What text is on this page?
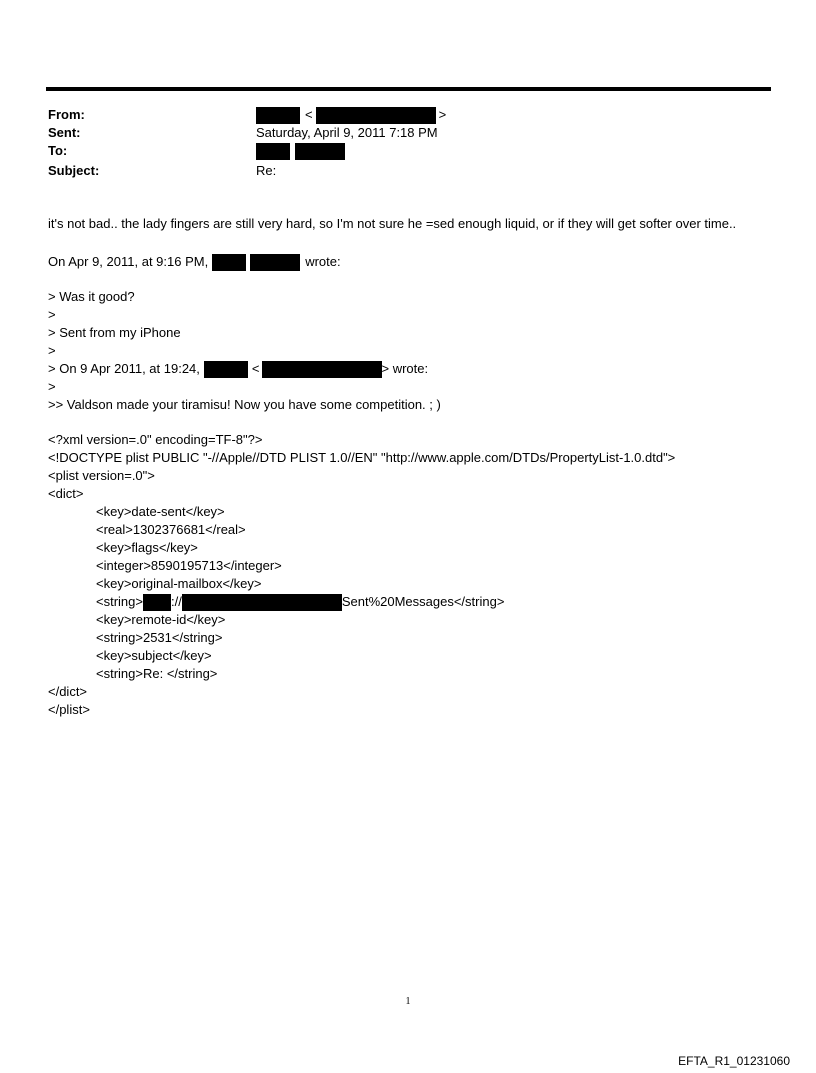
From:	<	>
Sent:	Saturday, April 9, 2011 7:18 PM
To:
Subject:	Re:
it's not bad.. the lady fingers are still very hard, so I'm not sure he =sed enough liquid, or if they will get softer over time..
On Apr 9, 2011, at 9:16 PM,	wrote:
> Was it good?
>
> Sent from my iPhone
>
> On 9 Apr 2011, at 19:24,	<	> wrote:
>
>> Valdson made your tiramisu! Now you have some competition. ; )
<?xml version=.0" encoding=TF-8"?>
<!DOCTYPE plist PUBLIC "-//Apple//DTD PLIST 1.0//EN" "http://www.apple.com/DTDs/PropertyList-1.0.dtd">
<plist version=.0">
<dict>
<key>date-sent</key>
<real>1302376681</real>
<key>flags</key>
<integer>8590195713</integer>
<key>original-mailbox</key>
<string> ://	Sent%20Messages</string>
<key>remote-id</key>
<string>2531</string>
<key>subject</key>
<string>Re: </string>
</dict>
</plist>
1
EFTA_R1_01231060
